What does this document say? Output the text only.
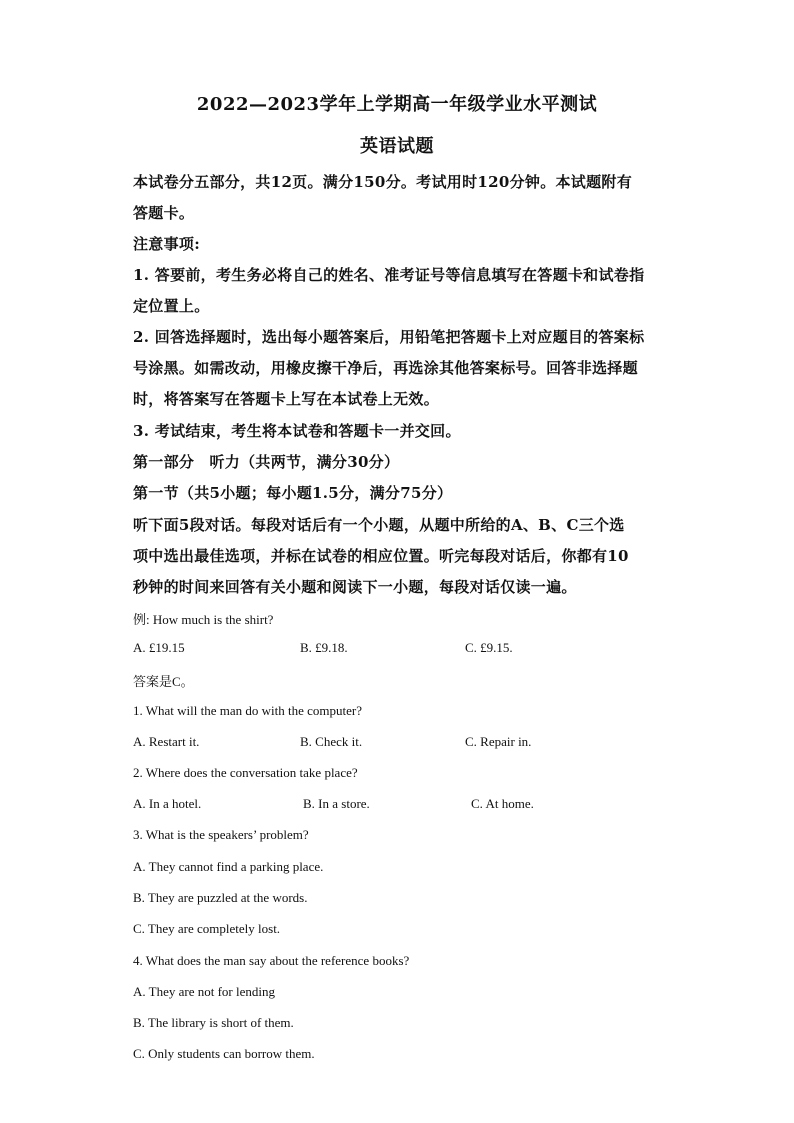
2022—2023学年上学期高一年级学业水平测试
英语试题
本试卷分五部分，共12页。满分150分。考试用时120分钟。本试题附有
答题卡。
注意事项:
1. 答要前，考生务必将自己的姓名、准考证号等信息填写在答题卡和试卷指
定位置上。
2. 回答选择题时，选出每小题答案后，用铅笔把答题卡上对应题目的答案标
号涂黑。如需改动，用橡皮擦干净后，再选涂其他答案标号。回答非选择题
时，将答案写在答题卡上写在本试卷上无效。
3. 考试结束，考生将本试卷和答题卡一并交回。
第一部分　听力（共两节，满分30分）
第一节（共5小题；每小题1.5分，满分75分）
听下面5段对话。每段对话后有一个小题，从题中所给的A、B、C三个选
项中选出最佳选项，并标在试卷的相应位置。听完每段对话后，你都有10
秒钟的时间来回答有关小题和阅读下一小题，每段对话仅读一遍。
例: How much is the shirt?
A. £19.15	B. £9.18.	C. £9.15.
答案是C。
1. What will the man do with the computer?
A. Restart it.	B. Check it.	C. Repair in.
2. Where does the conversation take place?
A. In a hotel.	B. In a store.	C. At home.
3. What is the speakers’ problem?
A. They cannot find a parking place.
B. They are puzzled at the words.
C. They are completely lost.
4. What does the man say about the reference books?
A. They are not for lending
B. The library is short of them.
C. Only students can borrow them.
